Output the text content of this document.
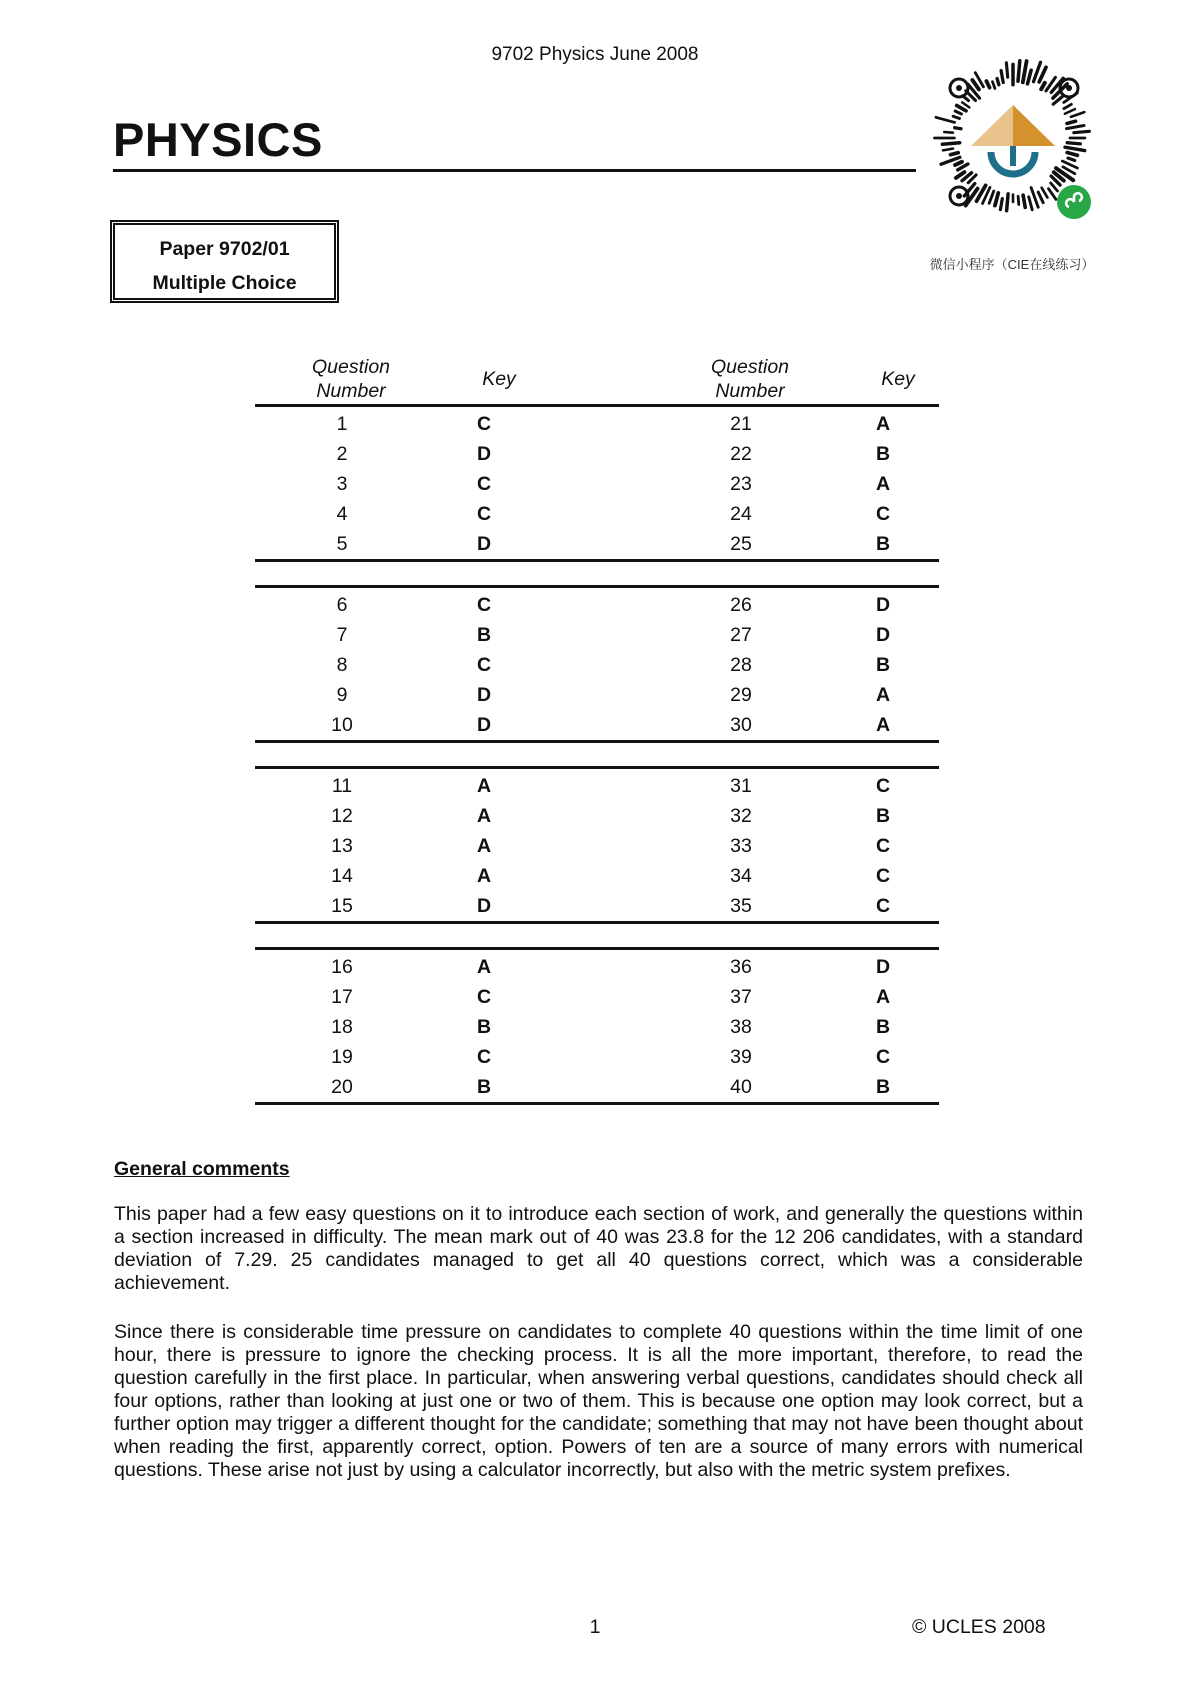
9702 Physics June 2008
PHYSICS
微信小程序（CIE在线练习）
Paper 9702/01
Multiple Choice
Question
Number
Key
Question
Number
Key
1	C	21	A
2	D	22	B
3	C	23	A
4	C	24	C
5	D	25	B
6	C	26	D
7	B	27	D
8	C	28	B
9	D	29	A
10	D	30	A
11	A	31	C
12	A	32	B
13	A	33	C
14	A	34	C
15	D	35	C
16	A	36	D
17	C	37	A
18	B	38	B
19	C	39	C
20	B	40	B
General comments

This paper had a few easy questions on it to introduce each section of work, and generally the questions within a section increased in difficulty. The mean mark out of 40 was 23.8 for the 12 206 candidates, with a standard deviation of 7.29. 25 candidates managed to get all 40 questions correct, which was a considerable achievement.

Since there is considerable time pressure on candidates to complete 40 questions within the time limit of one hour, there is pressure to ignore the checking process. It is all the more important, therefore, to read the question carefully in the first place. In particular, when answering verbal questions, candidates should check all four options, rather than looking at just one or two of them. This is because one option may look correct, but a further option may trigger a different thought for the candidate; something that may not have been thought about when reading the first, apparently correct, option. Powers of ten are a source of many errors with numerical questions. These arise not just by using a calculator incorrectly, but also with the metric system prefixes.

1	© UCLES 2008
